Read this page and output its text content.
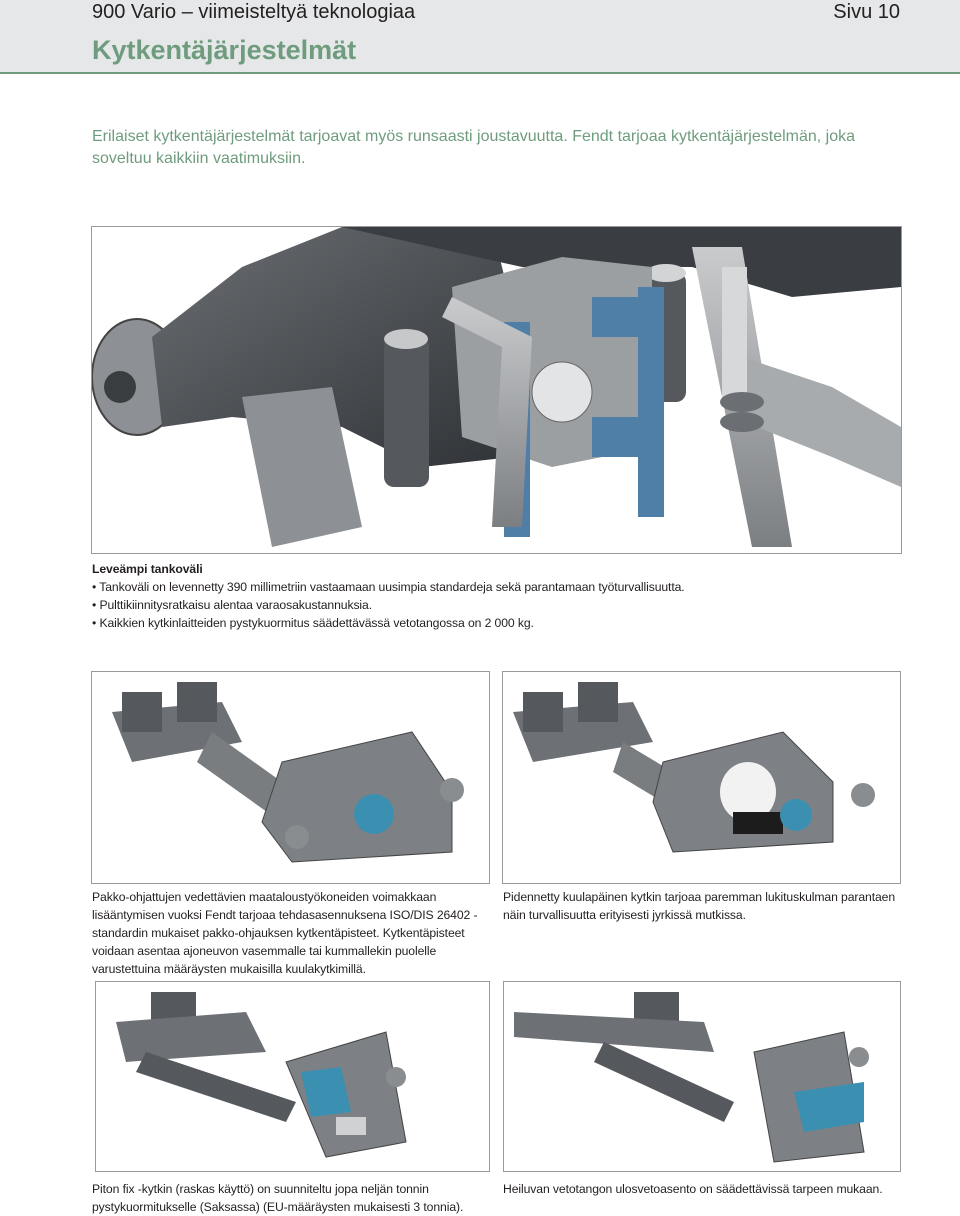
900 Vario – viimeisteltyä teknologiaa	Sivu 10
Kytkentäjärjestelmät
Erilaiset kytkentäjärjestelmät tarjoavat myös runsaasti joustavuutta. Fendt tarjoaa kytkentäjärjestelmän, joka soveltuu kaikkiin vaatimuksiin.
Leveämpi tankoväli
• Tankoväli on levennetty 390 millimetriin vastaamaan uusimpia standardeja sekä parantamaan työturvallisuutta.
• Pulttikiinnitysratkaisu alentaa varaosakustannuksia.
• Kaikkien kytkinlaitteiden pystykuormitus säädettävässä vetotangossa on 2 000 kg.
Pakko-ohjattujen vedettävien maataloustyökoneiden voimakkaan lisääntymisen vuoksi Fendt tarjoaa tehdasasennuksena ISO/DIS 26402 -standardin mukaiset pakko-ohjauksen kytkentäpisteet. Kytkentäpisteet voidaan asentaa ajoneuvon vasemmalle tai kummallekin puolelle varustettuina määräysten mukaisilla kuulakytkimillä.
Pidennetty kuulapäinen kytkin tarjoaa paremman lukituskulman parantaen näin turvallisuutta erityisesti jyrkissä mutkissa.
Piton fix -kytkin (raskas käyttö) on suunniteltu jopa neljän tonnin pystykuormitukselle (Saksassa) (EU-määräysten mukaisesti 3 tonnia).
Heiluvan vetotangon ulosvetoasento on säädettävissä tarpeen mukaan.
